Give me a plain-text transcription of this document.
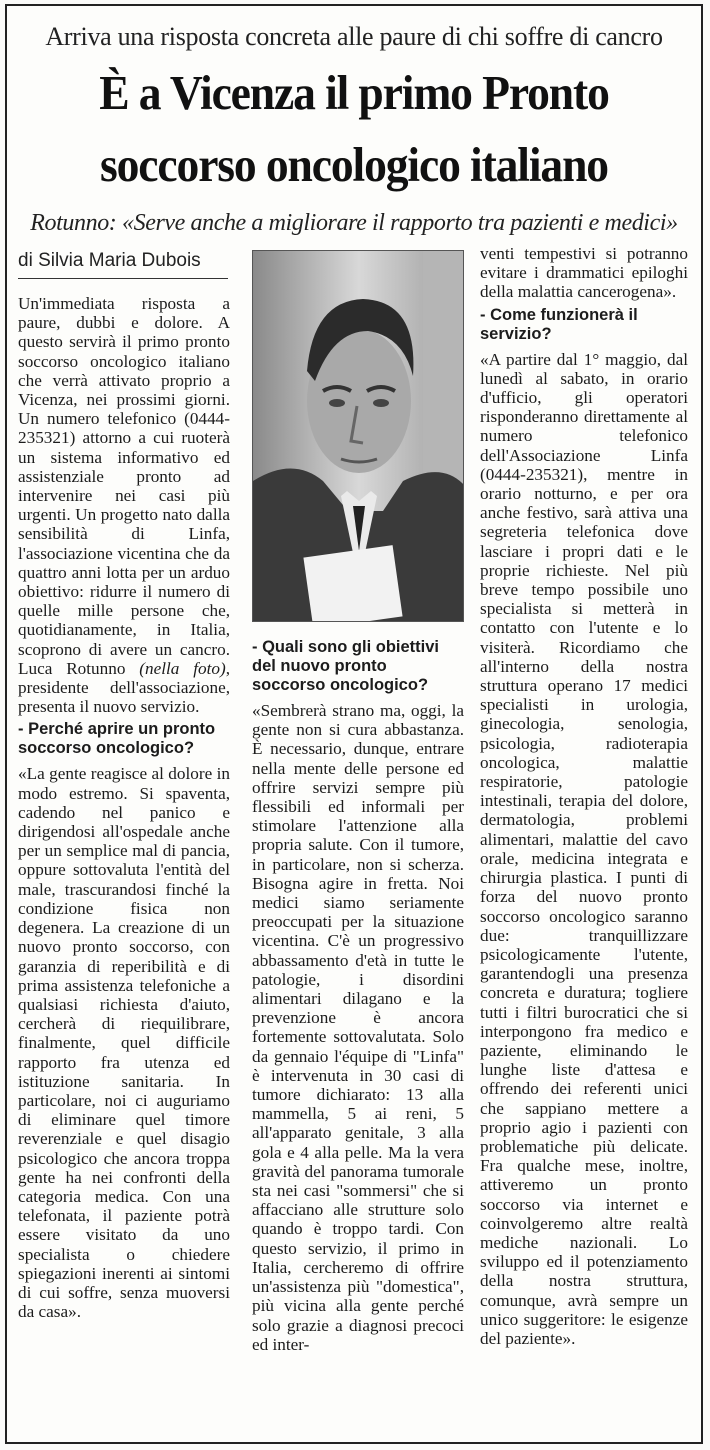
Arriva una risposta concreta alle paure di chi soffre di cancro
È a Vicenza il primo Pronto
soccorso oncologico italiano
Rotunno: «Serve anche a migliorare il rapporto tra pazienti e medici»
di Silvia Maria Dubois

Un'immediata risposta a paure, dubbi e dolore. A questo servirà il primo pronto soccorso oncologico italiano che verrà attivato proprio a Vicenza, nei prossimi giorni. Un numero telefonico (0444-235321) attorno a cui ruoterà un sistema informativo ed assistenziale pronto ad intervenire nei casi più urgenti. Un progetto nato dalla sensibilità di Linfa, l'associazione vicentina che da quattro anni lotta per un arduo obiettivo: ridurre il numero di quelle mille persone che, quotidianamente, in Italia, scoprono di avere un cancro. Luca Rotunno (nella foto), presidente dell'associazione, presenta il nuovo servizio.

- Perché aprire un pronto soccorso oncologico?

«La gente reagisce al dolore in modo estremo. Si spaventa, cadendo nel panico e dirigendosi all'ospedale anche per un semplice mal di pancia, oppure sottovaluta l'entità del male, trascurandosi finché la condizione fisica non degenera. La creazione di un nuovo pronto soccorso, con garanzia di reperibilità e di prima assistenza telefoniche a qualsiasi richiesta d'aiuto, cercherà di riequilibrare, finalmente, quel difficile rapporto fra utenza ed istituzione sanitaria. In particolare, noi ci auguriamo di eliminare quel timore reverenziale e quel disagio psicologico che ancora troppa gente ha nei confronti della categoria medica. Con una telefonata, il paziente potrà essere visitato da uno specialista o chiedere spiegazioni inerenti ai sintomi di cui soffre, senza muoversi da casa».

- Quali sono gli obiettivi del nuovo pronto soccorso oncologico?

«Sembrerà strano ma, oggi, la gente non si cura abbastanza. È necessario, dunque, entrare nella mente delle persone ed offrire servizi sempre più flessibili ed informali per stimolare l'attenzione alla propria salute. Con il tumore, in particolare, non si scherza. Bisogna agire in fretta. Noi medici siamo seriamente preoccupati per la situazione vicentina. C'è un progressivo abbassamento d'età in tutte le patologie, i disordini alimentari dilagano e la prevenzione è ancora fortemente sottovalutata. Solo da gennaio l'équipe di "Linfa" è intervenuta in 30 casi di tumore dichiarato: 13 alla mammella, 5 ai reni, 5 all'apparato genitale, 3 alla gola e 4 alla pelle. Ma la vera gravità del panorama tumorale sta nei casi "sommersi" che si affacciano alle strutture solo quando è troppo tardi. Con questo servizio, il primo in Italia, cercheremo di offrire un'assistenza più "domestica", più vicina alla gente perché solo grazie a diagnosi precoci ed inter-

venti tempestivi si potranno evitare i drammatici epiloghi della malattia cancerogena».

- Come funzionerà il servizio?

«A partire dal 1° maggio, dal lunedì al sabato, in orario d'ufficio, gli operatori risponderanno direttamente al numero telefonico dell'Associazione Linfa (0444-235321), mentre in orario notturno, e per ora anche festivo, sarà attiva una segreteria telefonica dove lasciare i propri dati e le proprie richieste. Nel più breve tempo possibile uno specialista si metterà in contatto con l'utente e lo visiterà. Ricordiamo che all'interno della nostra struttura operano 17 medici specialisti in urologia, ginecologia, senologia, psicologia, radioterapia oncologica, malattie respiratorie, patologie intestinali, terapia del dolore, dermatologia, problemi alimentari, malattie del cavo orale, medicina integrata e chirurgia plastica. I punti di forza del nuovo pronto soccorso oncologico saranno due: tranquillizzare psicologicamente l'utente, garantendogli una presenza concreta e duratura; togliere tutti i filtri burocratici che si interpongono fra medico e paziente, eliminando le lunghe liste d'attesa e offrendo dei referenti unici che sappiano mettere a proprio agio i pazienti con problematiche più delicate. Fra qualche mese, inoltre, attiveremo un pronto soccorso via internet e coinvolgeremo altre realtà mediche nazionali. Lo sviluppo ed il potenziamento della nostra struttura, comunque, avrà sempre un unico suggeritore: le esigenze del paziente».
